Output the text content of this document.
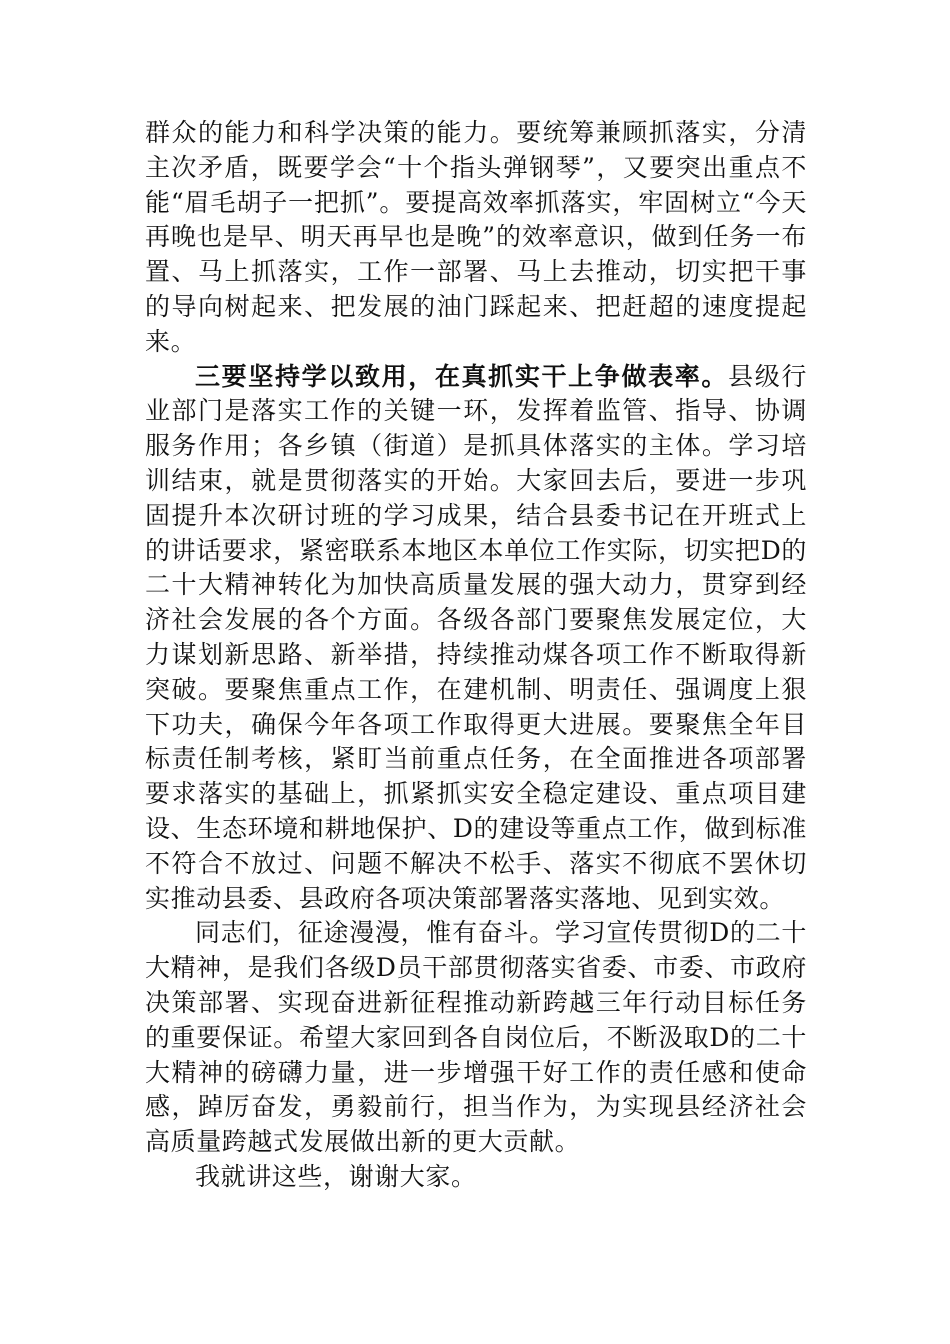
群众的能力和科学决策的能力。要统筹兼顾抓落实，分清主次矛盾，既要学会“十个指头弹钢琴”，又要突出重点不能“眉毛胡子一把抓”。要提高效率抓落实，牢固树立“今天再晚也是早、明天再早也是晚”的效率意识，做到任务一布置、马上抓落实，工作一部署、马上去推动，切实把干事的导向树起来、把发展的油门踩起来、把赶超的速度提起来。

三要坚持学以致用，在真抓实干上争做表率。县级行业部门是落实工作的关键一环，发挥着监管、指导、协调服务作用；各乡镇（街道）是抓具体落实的主体。学习培训结束，就是贯彻落实的开始。大家回去后，要进一步巩固提升本次研讨班的学习成果，结合县委书记在开班式上的讲话要求，紧密联系本地区本单位工作实际，切实把D的二十大精神转化为加快高质量发展的强大动力，贯穿到经济社会发展的各个方面。各级各部门要聚焦发展定位，大力谋划新思路、新举措，持续推动煤各项工作不断取得新突破。要聚焦重点工作，在建机制、明责任、强调度上狠下功夫，确保今年各项工作取得更大进展。要聚焦全年目标责任制考核，紧盯当前重点任务，在全面推进各项部署要求落实的基础上，抓紧抓实安全稳定建设、重点项目建设、生态环境和耕地保护、D的建设等重点工作，做到标准不符合不放过、问题不解决不松手、落实不彻底不罢休切实推动县委、县政府各项决策部署落实落地、见到实效。

同志们，征途漫漫，惟有奋斗。学习宣传贯彻D的二十大精神，是我们各级D员干部贯彻落实省委、市委、市政府决策部署、实现奋进新征程推动新跨越三年行动目标任务的重要保证。希望大家回到各自岗位后，不断汲取D的二十大精神的磅礴力量，进一步增强干好工作的责任感和使命感，踔厉奋发，勇毅前行，担当作为，为实现县经济社会高质量跨越式发展做出新的更大贡献。

我就讲这些，谢谢大家。
